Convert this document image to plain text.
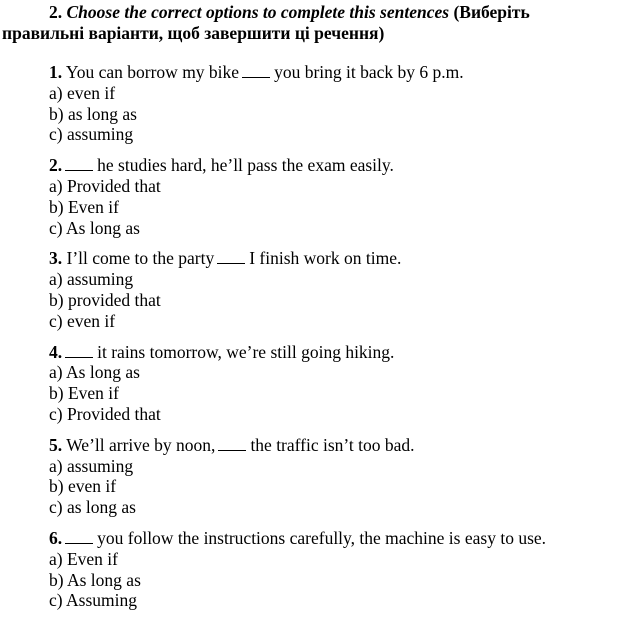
2. Choose the correct options to complete this sentences (Виберіть
правильні варіанти, щоб завершити ці речення)
1. You can borrow my bike you bring it back by 6 p.m.
a) even if
b) as long as
c) assuming
2. he studies hard, he’ll pass the exam easily.
a) Provided that
b) Even if
c) As long as
3. I’ll come to the party I finish work on time.
a) assuming
b) provided that
c) even if
4. it rains tomorrow, we’re still going hiking.
a) As long as
b) Even if
c) Provided that
5. We’ll arrive by noon, the traffic isn’t too bad.
a) assuming
b) even if
c) as long as
6. you follow the instructions carefully, the machine is easy to use.
a) Even if
b) As long as
c) Assuming
